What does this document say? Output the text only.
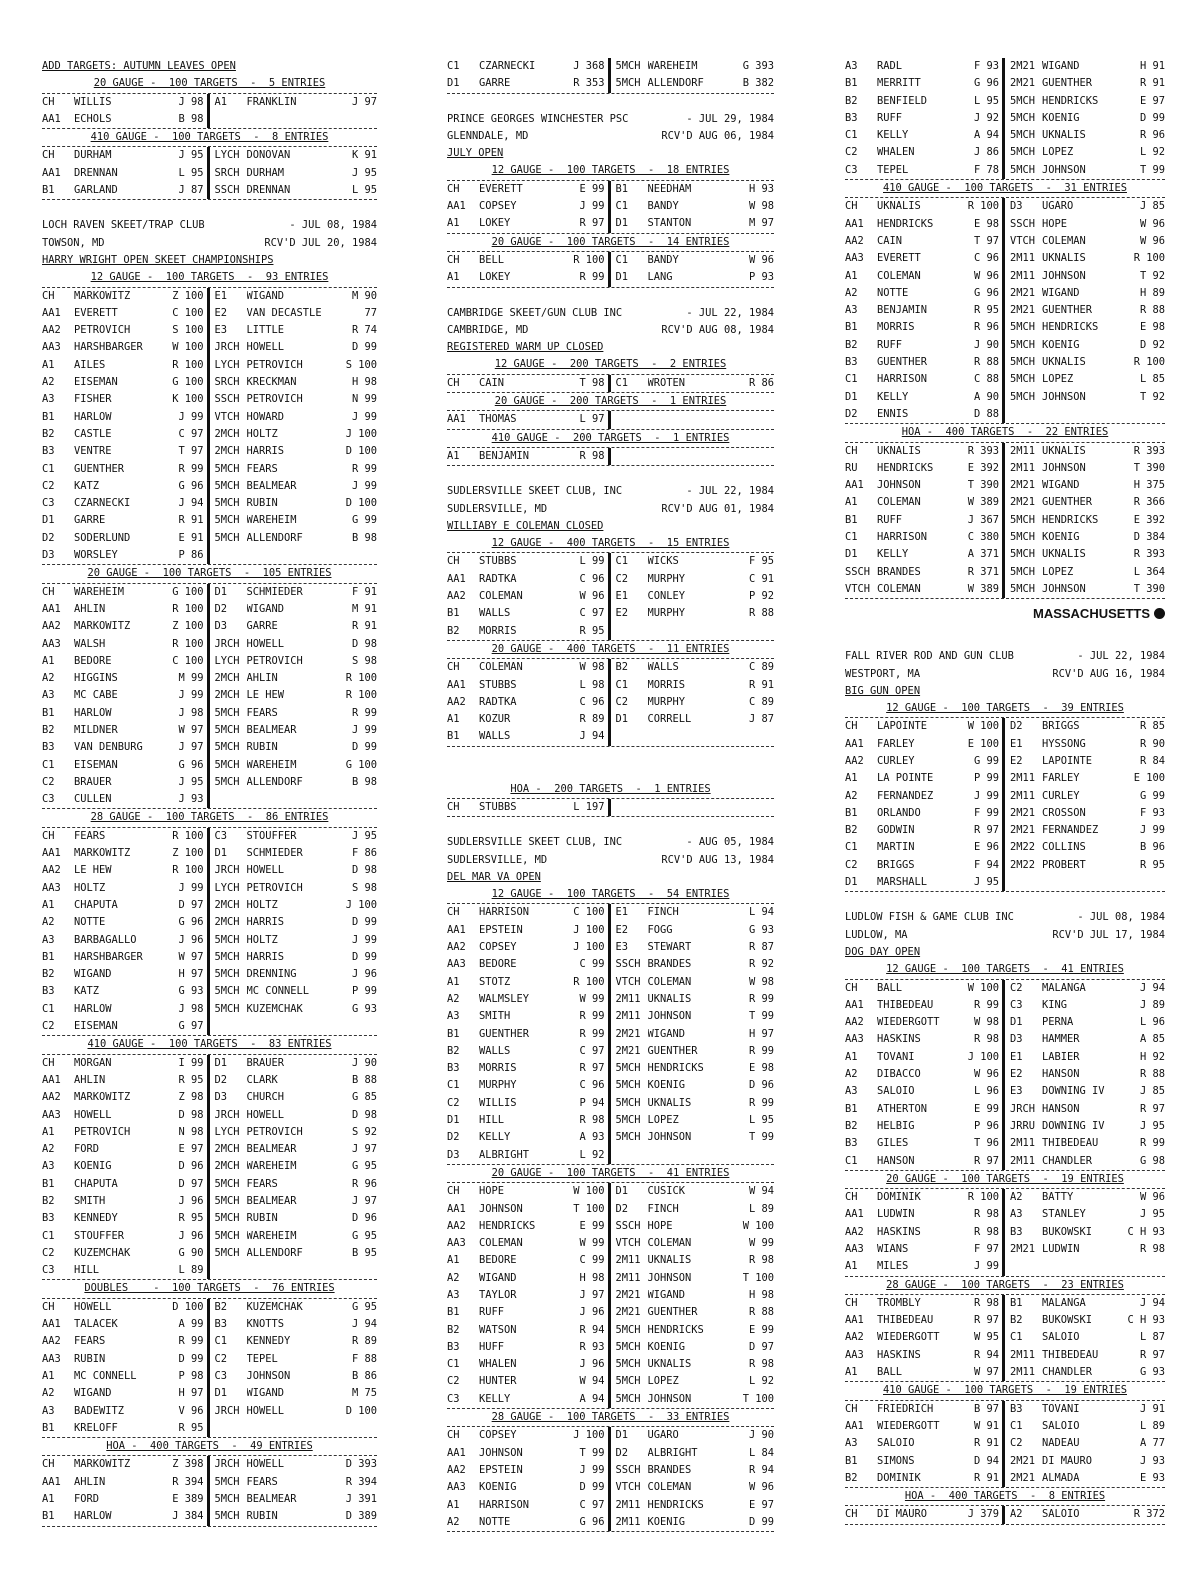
ADD TARGETS: AUTUMN LEAVES OPEN
20 GAUGE -  100 TARGETS  -  5 ENTRIES
CH	WILLIS	J 98 A1	FRANKLIN	J 97
AA1	ECHOLS	B 98
410 GAUGE -  100 TARGETS  -  8 ENTRIES
CH	DURHAM	J 95 LYCH DONOVAN	K 91
AA1	DRENNAN	L 95 SRCH DURHAM	J 95
B1	GARLAND	J 87 SSCH DRENNAN	L 95
LOCH RAVEN SKEET/TRAP CLUB	- JUL 08, 1984
TOWSON, MD	RCV'D JUL 20, 1984
HARRY WRIGHT OPEN SKEET CHAMPIONSHIPS
12 GAUGE -  100 TARGETS  -  93 ENTRIES
CH	MARKOWITZ	Z 100 E1	WIGAND	M 90
AA1	EVERETT	C 100 E2	VAN DECASTLE	77
AA2	PETROVICH	S 100 E3	LITTLE	R 74
AA3	HARSHBARGER	W 100 JRCH HOWELL	D 99
A1	AILES	R 100 LYCH PETROVICH	S 100
A2	EISEMAN	G 100 SRCH KRECKMAN	H 98
A3	FISHER	K 100 SSCH PETROVICH	N 99
B1	HARLOW	J 99 VTCH HOWARD	J 99
B2	CASTLE	C 97 2MCH HOLTZ	J 100
B3	VENTRE	T 97 2MCH HARRIS	D 100
C1	GUENTHER	R 99 5MCH FEARS	R 99
C2	KATZ	G 96 5MCH BEALMEAR	J 99
C3	CZARNECKI	J 94 5MCH RUBIN	D 100
D1	GARRE	R 91 5MCH WAREHEIM	G 99
D2	SODERLUND	E 91 5MCH ALLENDORF	B 98
D3	WORSLEY	P 86
20 GAUGE -  100 TARGETS  -  105 ENTRIES
CH	WAREHEIM	G 100 D1	SCHMIEDER	F 91
AA1	AHLIN	R 100 D2	WIGAND	M 91
AA2	MARKOWITZ	Z 100 D3	GARRE	R 91
AA3	WALSH	R 100 JRCH HOWELL	D 98
A1	BEDORE	C 100 LYCH PETROVICH	S 98
A2	HIGGINS	M 99 2MCH AHLIN	R 100
A3	MC CABE	J 99 2MCH LE HEW	R 100
B1	HARLOW	J 98 5MCH FEARS	R 99
B2	MILDNER	W 97 5MCH BEALMEAR	J 99
B3	VAN DENBURG	J 97 5MCH RUBIN	D 99
C1	EISEMAN	G 96 5MCH WAREHEIM	G 100
C2	BRAUER	J 95 5MCH ALLENDORF	B 98
C3	CULLEN	J 93
28 GAUGE -  100 TARGETS  -  86 ENTRIES
CH	FEARS	R 100 C3	STOUFFER	J 95
AA1	MARKOWITZ	Z 100 D1	SCHMIEDER	F 86
AA2	LE HEW	R 100 JRCH HOWELL	D 98
AA3	HOLTZ	J 99 LYCH PETROVICH	S 98
A1	CHAPUTA	D 97 2MCH HOLTZ	J 100
A2	NOTTE	G 96 2MCH HARRIS	D 99
A3	BARBAGALLO	J 96 5MCH HOLTZ	J 99
B1	HARSHBARGER	W 97 5MCH HARRIS	D 99
B2	WIGAND	H 97 5MCH DRENNING	J 96
B3	KATZ	G 93 5MCH MC CONNELL	P 99
C1	HARLOW	J 98 5MCH KUZEMCHAK	G 93
C2	EISEMAN	G 97
410 GAUGE -  100 TARGETS  -  83 ENTRIES
CH	MORGAN	I 99 D1	BRAUER	J 90
AA1	AHLIN	R 95 D2	CLARK	B 88
AA2	MARKOWITZ	Z 98 D3	CHURCH	G 85
AA3	HOWELL	D 98 JRCH HOWELL	D 98
A1	PETROVICH	N 98 LYCH PETROVICH	S 92
A2	FORD	E 97 2MCH BEALMEAR	J 97
A3	KOENIG	D 96 2MCH WAREHEIM	G 95
B1	CHAPUTA	D 97 5MCH FEARS	R 96
B2	SMITH	J 96 5MCH BEALMEAR	J 97
B3	KENNEDY	R 95 5MCH RUBIN	D 96
C1	STOUFFER	J 96 5MCH WAREHEIM	G 95
C2	KUZEMCHAK	G 90 5MCH ALLENDORF	B 95
C3	HILL	L 89
DOUBLES    -  100 TARGETS  -  76 ENTRIES
CH	HOWELL	D 100 B2	KUZEMCHAK	G 95
AA1	TALACEK	A 99 B3	KNOTTS	J 94
AA2	FEARS	R 99 C1	KENNEDY	R 89
AA3	RUBIN	D 99 C2	TEPEL	F 88
A1	MC CONNELL	P 98 C3	JOHNSON	B 86
A2	WIGAND	H 97 D1	WIGAND	M 75
A3	BADEWITZ	V 96 JRCH HOWELL	D 100
B1	KRELOFF	R 95
HOA -  400 TARGETS  -  49 ENTRIES
CH	MARKOWITZ	Z 398 JRCH HOWELL	D 393
AA1	AHLIN	R 394 5MCH FEARS	R 394
A1	FORD	E 389 5MCH BEALMEAR	J 391
B1	HARLOW	J 384 5MCH RUBIN	D 389
C1	CZARNECKI	J 368 5MCH WAREHEIM	G 393
D1	GARRE	R 353 5MCH ALLENDORF	B 382
PRINCE GEORGES WINCHESTER PSC	- JUL 29, 1984
GLENNDALE, MD	RCV'D AUG 06, 1984
JULY OPEN
12 GAUGE -  100 TARGETS  -  18 ENTRIES
CH	EVERETT	E 99 B1	NEEDHAM	H 93
AA1	COPSEY	J 99 C1	BANDY	W 98
A1	LOKEY	R 97 D1	STANTON	M 97
20 GAUGE -  100 TARGETS  -  14 ENTRIES
CH	BELL	R 100 C1	BANDY	W 96
A1	LOKEY	R 99 D1	LANG	P 93
CAMBRIDGE SKEET/GUN CLUB INC	- JUL 22, 1984
CAMBRIDGE, MD	RCV'D AUG 08, 1984
REGISTERED WARM UP CLOSED
12 GAUGE -  200 TARGETS  -  2 ENTRIES
CH	CAIN	T 98 C1	WROTEN	R 86
20 GAUGE -  200 TARGETS  -  1 ENTRIES
AA1	THOMAS	L 97
410 GAUGE -  200 TARGETS  -  1 ENTRIES
A1	BENJAMIN	R 98
SUDLERSVILLE SKEET CLUB, INC	- JUL 22, 1984
SUDLERSVILLE, MD	RCV'D AUG 01, 1984
WILLIABY E COLEMAN CLOSED
12 GAUGE -  400 TARGETS  -  15 ENTRIES
CH	STUBBS	L 99 C1	WICKS	F 95
AA1	RADTKA	C 96 C2	MURPHY	C 91
AA2	COLEMAN	W 96 E1	CONLEY	P 92
B1	WALLS	C 97 E2	MURPHY	R 88
B2	MORRIS	R 95
20 GAUGE -  400 TARGETS  -  11 ENTRIES
CH	COLEMAN	W 98 B2	WALLS	C 89
AA1	STUBBS	L 98 C1	MORRIS	R 91
AA2	RADTKA	C 96 C2	MURPHY	C 89
A1	KOZUR	R 89 D1	CORRELL	J 87
B1	WALLS	J 94
HOA -  200 TARGETS  -  1 ENTRIES
CH	STUBBS	L 197
SUDLERSVILLE SKEET CLUB, INC	- AUG 05, 1984
SUDLERSVILLE, MD	RCV'D AUG 13, 1984
DEL MAR VA OPEN
12 GAUGE -  100 TARGETS  -  54 ENTRIES
CH	HARRISON	C 100 E1	FINCH	L 94
AA1	EPSTEIN	J 100 E2	FOGG	G 93
AA2	COPSEY	J 100 E3	STEWART	R 87
AA3	BEDORE	C 99 SSCH BRANDES	R 92
A1	STOTZ	R 100 VTCH COLEMAN	W 98
A2	WALMSLEY	W 99 2M11 UKNALIS	R 99
A3	SMITH	R 99 2M11 JOHNSON	T 99
B1	GUENTHER	R 99 2M21 WIGAND	H 97
B2	WALLS	C 97 2M21 GUENTHER	R 99
B3	MORRIS	R 97 5MCH HENDRICKS	E 98
C1	MURPHY	C 96 5MCH KOENIG	D 96
C2	WILLIS	P 94 5MCH UKNALIS	R 99
D1	HILL	R 98 5MCH LOPEZ	L 95
D2	KELLY	A 93 5MCH JOHNSON	T 99
D3	ALBRIGHT	L 92
20 GAUGE -  100 TARGETS  -  41 ENTRIES
CH	HOPE	W 100 D1	CUSICK	W 94
AA1	JOHNSON	T 100 D2	FINCH	L 89
AA2	HENDRICKS	E 99 SSCH HOPE	W 100
AA3	COLEMAN	W 99 VTCH COLEMAN	W 99
A1	BEDORE	C 99 2M11 UKNALIS	R 98
A2	WIGAND	H 98 2M11 JOHNSON	T 100
A3	TAYLOR	J 97 2M21 WIGAND	H 98
B1	RUFF	J 96 2M21 GUENTHER	R 88
B2	WATSON	R 94 5MCH HENDRICKS	E 99
B3	HUFF	R 93 5MCH KOENIG	D 97
C1	WHALEN	J 96 5MCH UKNALIS	R 98
C2	HUNTER	W 94 5MCH LOPEZ	L 92
C3	KELLY	A 94 5MCH JOHNSON	T 100
28 GAUGE -  100 TARGETS  -  33 ENTRIES
CH	COPSEY	J 100 D1	UGARO	J 90
AA1	JOHNSON	T 99 D2	ALBRIGHT	L 84
AA2	EPSTEIN	J 99 SSCH BRANDES	R 94
AA3	KOENIG	D 99 VTCH COLEMAN	W 96
A1	HARRISON	C 97 2M11 HENDRICKS	E 97
A2	NOTTE	G 96 2M11 KOENIG	D 99
A3	RADL	F 93 2M21 WIGAND	H 91
B1	MERRITT	G 96 2M21 GUENTHER	R 91
B2	BENFIELD	L 95 5MCH HENDRICKS	E 97
B3	RUFF	J 92 5MCH KOENIG	D 99
C1	KELLY	A 94 5MCH UKNALIS	R 96
C2	WHALEN	J 86 5MCH LOPEZ	L 92
C3	TEPEL	F 78 5MCH JOHNSON	T 99
410 GAUGE -  100 TARGETS  -  31 ENTRIES
CH	UKNALIS	R 100 D3	UGARO	J 85
AA1	HENDRICKS	E 98 SSCH HOPE	W 96
AA2	CAIN	T 97 VTCH COLEMAN	W 96
AA3	EVERETT	C 96 2M11 UKNALIS	R 100
A1	COLEMAN	W 96 2M11 JOHNSON	T 92
A2	NOTTE	G 96 2M21 WIGAND	H 89
A3	BENJAMIN	R 95 2M21 GUENTHER	R 88
B1	MORRIS	R 96 5MCH HENDRICKS	E 98
B2	RUFF	J 90 5MCH KOENIG	D 92
B3	GUENTHER	R 88 5MCH UKNALIS	R 100
C1	HARRISON	C 88 5MCH LOPEZ	L 85
D1	KELLY	A 90 5MCH JOHNSON	T 92
D2	ENNIS	D 88
HOA -  400 TARGETS  -  22 ENTRIES
CH	UKNALIS	R 393 2M11 UKNALIS	R 393
RU	HENDRICKS	E 392 2M11 JOHNSON	T 390
AA1	JOHNSON	T 390 2M21 WIGAND	H 375
A1	COLEMAN	W 389 2M21 GUENTHER	R 366
B1	RUFF	J 367 5MCH HENDRICKS	E 392
C1	HARRISON	C 380 5MCH KOENIG	D 384
D1	KELLY	A 371 5MCH UKNALIS	R 393
SSCH BRANDES	R 371 5MCH LOPEZ	L 364
VTCH COLEMAN	W 389 5MCH JOHNSON	T 390
MASSACHUSETTS
FALL RIVER ROD AND GUN CLUB	- JUL 22, 1984
WESTPORT, MA	RCV'D AUG 16, 1984
BIG GUN OPEN
12 GAUGE -  100 TARGETS  -  39 ENTRIES
CH	LAPOINTE	W 100 D2	BRIGGS	R 85
AA1	FARLEY	E 100 E1	HYSSONG	R 90
AA2	CURLEY	G 99 E2	LAPOINTE	R 84
A1	LA POINTE	P 99 2M11 FARLEY	E 100
A2	FERNANDEZ	J 99 2M11 CURLEY	G 99
B1	ORLANDO	F 99 2M21 CROSSON	F 93
B2	GODWIN	R 97 2M21 FERNANDEZ	J 99
C1	MARTIN	E 96 2M22 COLLINS	B 96
C2	BRIGGS	F 94 2M22 PROBERT	R 95
D1	MARSHALL	J 95
LUDLOW FISH & GAME CLUB INC	- JUL 08, 1984
LUDLOW, MA	RCV'D JUL 17, 1984
DOG DAY OPEN
12 GAUGE -  100 TARGETS  -  41 ENTRIES
CH	BALL	W 100 C2	MALANGA	J 94
AA1	THIBEDEAU	R 99 C3	KING	J 89
AA2	WIEDERGOTT	W 98 D1	PERNA	L 96
AA3	HASKINS	R 98 D3	HAMMER	A 85
A1	TOVANI	J 100 E1	LABIER	H 92
A2	DIBACCO	W 96 E2	HANSON	R 88
A3	SALOIO	L 96 E3	DOWNING IV	J 85
B1	ATHERTON	E 99 JRCH HANSON	R 97
B2	HELBIG	P 96 JRRU DOWNING IV	J 95
B3	GILES	T 96 2M11 THIBEDEAU	R 99
C1	HANSON	R 97 2M11 CHANDLER	G 98
20 GAUGE -  100 TARGETS  -  19 ENTRIES
CH	DOMINIK	R 100 A2	BATTY	W 96
AA1	LUDWIN	R 98 A3	STANLEY	J 95
AA2	HASKINS	R 98 B3	BUKOWSKI	C H 93
AA3	WIANS	F 97 2M21 LUDWIN	R 98
A1	MILES	J 99
28 GAUGE -  100 TARGETS  -  23 ENTRIES
CH	TROMBLY	R 98 B1	MALANGA	J 94
AA1	THIBEDEAU	R 97 B2	BUKOWSKI	C H 93
AA2	WIEDERGOTT	W 95 C1	SALOIO	L 87
AA3	HASKINS	R 94 2M11 THIBEDEAU	R 97
A1	BALL	W 97 2M11 CHANDLER	G 93
410 GAUGE -  100 TARGETS  -  19 ENTRIES
CH	FRIEDRICH	B 97 B3	TOVANI	J 91
AA1	WIEDERGOTT	W 91 C1	SALOIO	L 89
A3	SALOIO	R 91 C2	NADEAU	A 77
B1	SIMONS	D 94 2M21 DI MAURO	J 93
B2	DOMINIK	R 91 2M21 ALMADA	E 93
HOA -  400 TARGETS  -  8 ENTRIES
CH	DI MAURO	J 379 A2	SALOIO	R 372
